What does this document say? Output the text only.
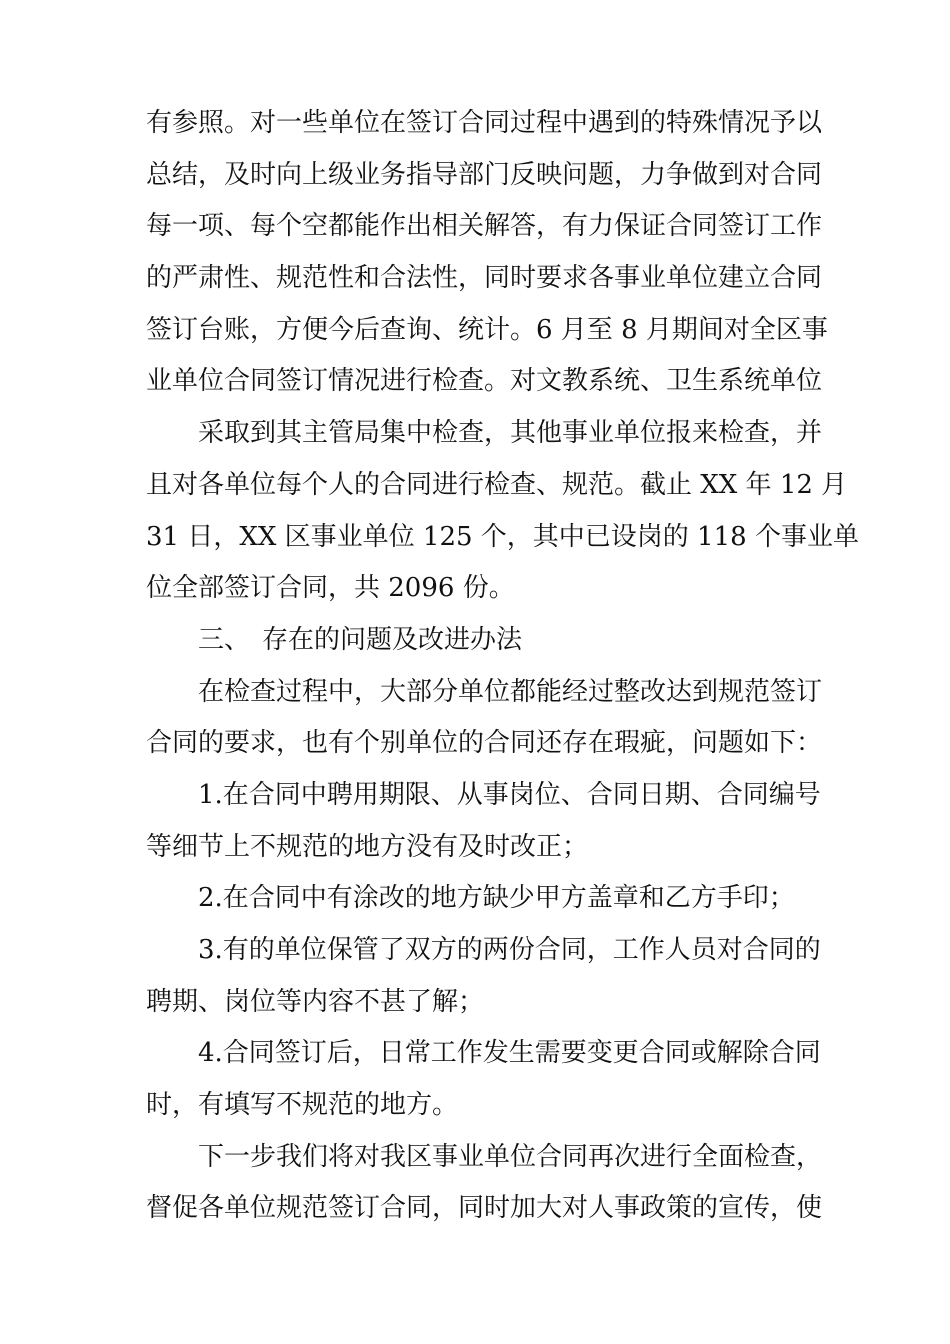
有参照。对一些单位在签订合同过程中遇到的特殊情况予以
总结，及时向上级业务指导部门反映问题，力争做到对合同
每一项、每个空都能作出相关解答，有力保证合同签订工作
的严肃性、规范性和合法性，同时要求各事业单位建立合同
签订台账，方便今后查询、统计。6 月至 8 月期间对全区事
业单位合同签订情况进行检查。对文教系统、卫生系统单位
采取到其主管局集中检查，其他事业单位报来检查，并
且对各单位每个人的合同进行检查、规范。截止 XX 年 12 月
31 日，XX 区事业单位 125 个，其中已设岗的 118 个事业单
位全部签订合同，共 2096 份。
三、 存在的问题及改进办法
在检查过程中，大部分单位都能经过整改达到规范签订
合同的要求，也有个别单位的合同还存在瑕疵，问题如下：
1.在合同中聘用期限、从事岗位、合同日期、合同编号
等细节上不规范的地方没有及时改正；
2.在合同中有涂改的地方缺少甲方盖章和乙方手印；
3.有的单位保管了双方的两份合同，工作人员对合同的
聘期、岗位等内容不甚了解；
4.合同签订后，日常工作发生需要变更合同或解除合同
时，有填写不规范的地方。
下一步我们将对我区事业单位合同再次进行全面检查，
督促各单位规范签订合同，同时加大对人事政策的宣传，使
